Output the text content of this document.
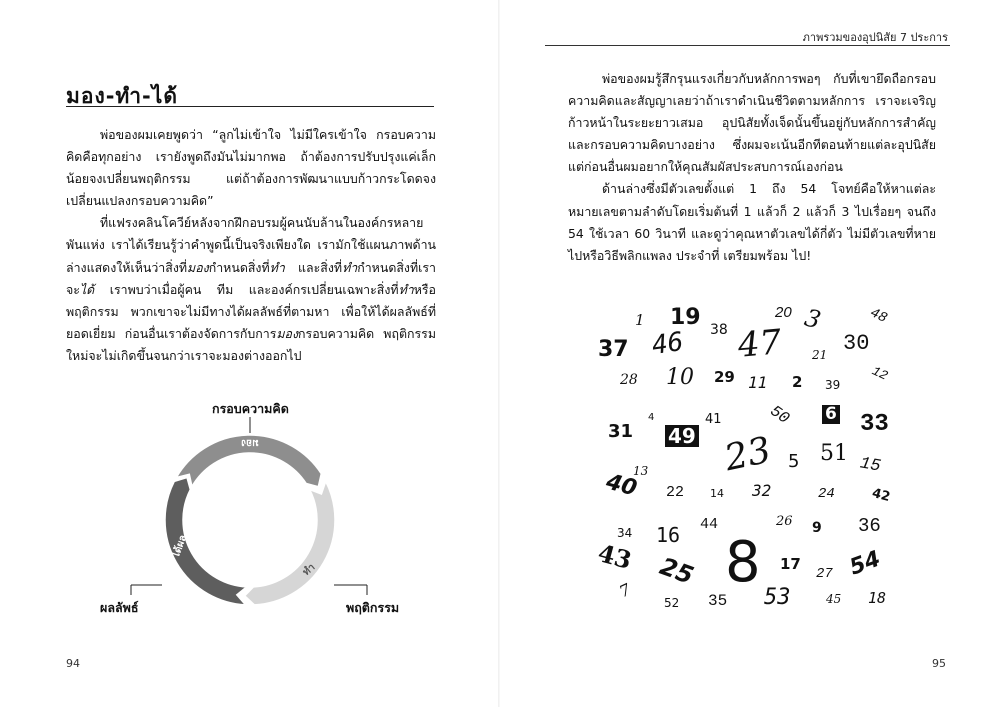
มอง-ทำ-ได้

พ่อของผมเคยพูดว่า “ลูกไม่เข้าใจ ไม่มีใครเข้าใจ กรอบความคิดคือทุกอย่าง เรายังพูดถึงมันไม่มากพอ ถ้าต้องการปรับปรุงแค่เล็กน้อยจงเปลี่ยนพฤติกรรม แต่ถ้าต้องการพัฒนาแบบก้าวกระโดดจงเปลี่ยนแปลงกรอบความคิด”

ที่แฟรงคลินโควีย์หลังจากฝึกอบรมผู้คนนับล้านในองค์กรหลายพันแห่ง เราได้เรียนรู้ว่าคำพูดนี้เป็นจริงเพียงใด เรามักใช้แผนภาพด้านล่างแสดงให้เห็นว่าสิ่งที่มองกำหนดสิ่งที่ทำ และสิ่งที่ทำกำหนดสิ่งที่เราจะได้ เราพบว่าเมื่อผู้คน ทีม และองค์กรเปลี่ยนเฉพาะสิ่งที่ทำหรือพฤติกรรม พวกเขาจะไม่มีทางได้ผลลัพธ์ที่ตามหา เพื่อให้ได้ผลลัพธ์ที่ยอดเยี่ยม ก่อนอื่นเราต้องจัดการกับการมองกรอบความคิด พฤติกรรมใหม่จะไม่เกิดขึ้นจนกว่าเราจะมองต่างออกไป

มอง
ทำ
ได้ผล
กรอบความคิด
ผลลัพธ์	พฤติกรรม
94
ภาพรวมของอุปนิสัย 7 ประการ

พ่อของผมรู้สึกรุนแรงเกี่ยวกับหลักการพอๆ กับที่เขายึดถือกรอบความคิดและสัญญาเลยว่าถ้าเราดำเนินชีวิตตามหลักการ เราจะเจริญก้าวหน้าในระยะยาวเสมอ อุปนิสัยทั้งเจ็ดนั้นขึ้นอยู่กับหลักการสำคัญและกรอบความคิดบางอย่าง ซึ่งผมจะเน้นอีกทีตอนท้ายแต่ละอุปนิสัย แต่ก่อนอื่นผมอยากให้คุณสัมผัสประสบการณ์เองก่อน

ด้านล่างซึ่งมีตัวเลขตั้งแต่ 1 ถึง 54 โจทย์คือให้หาแต่ละหมายเลขตามลำดับโดยเริ่มต้นที่ 1 แล้วก็ 2 แล้วก็ 3 ไปเรื่อยๆ จนถึง 54 ใช้เวลา 60 วินาที และดูว่าคุณหาตัวเลขได้กี่ตัว ไม่มีตัวเลขที่หายไปหรือวิธีพลิกแพลง ประจำที่ เตรียมพร้อม ไป!

1 19 38
20 3	48
37 46 47	30
21
28 10 29 11 2 39
12
31
4
49
41	50 6 33
23 5 51 15
40
13
22 14 32	24	42
34 16 44	26 9 36
43 25 8 17
27 54
7
52 35 53	45 18
95
